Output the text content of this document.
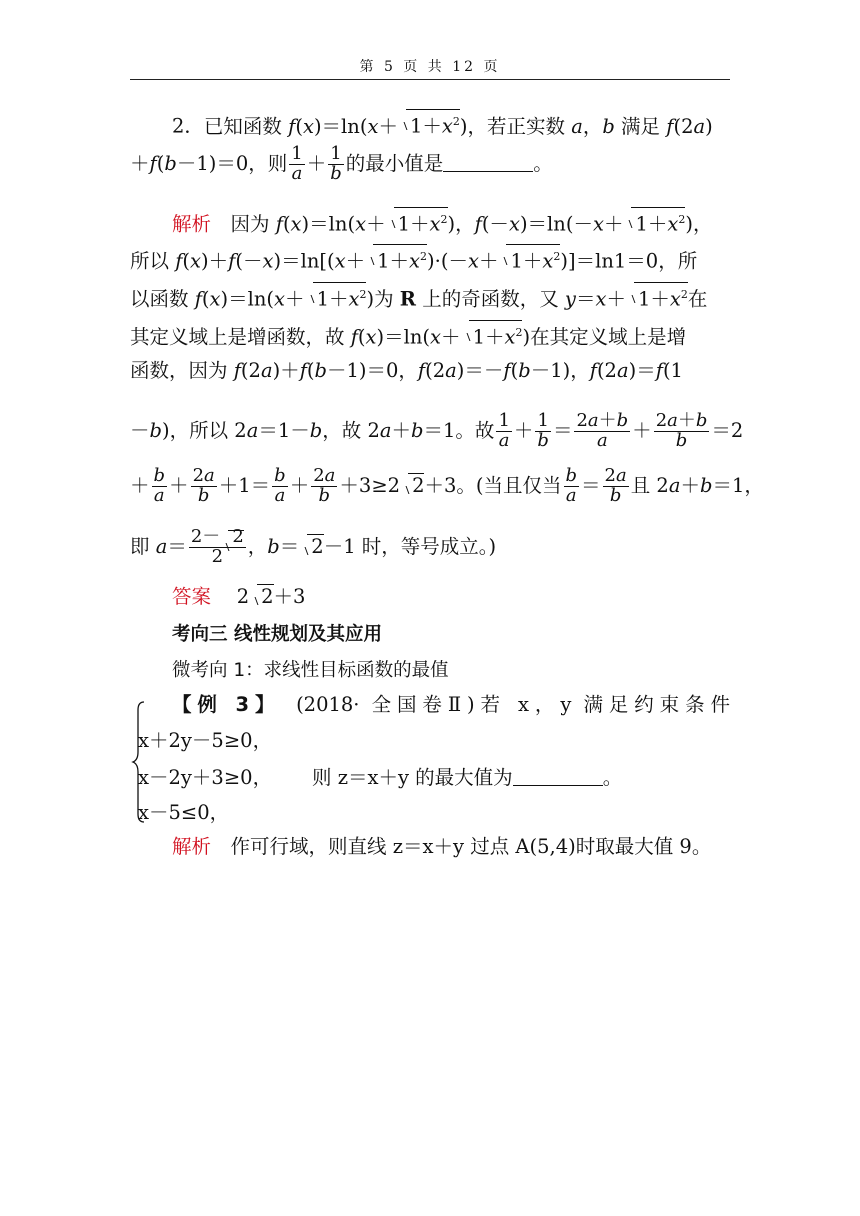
第 5 页 共 12 页
2．已知函数 $f(x)=\ln(x+ 1+x^2)$，若正实数 a，b 满足 f(2a)
＋f(b－1)＝0，则 $\frac{1}{a} + \frac{1}{b}$ 的最小值是	。
解析　因为 $f(x)=\ln(x+ 1+x^2)$，$f(-x)=\ln(-x+ 1+x^2)$，
所以 $f(x)+f(-x)=\ln[(x+ 1+x^2)\cdot(-x+ 1+x^2)]=\ln 1=0$，所
以函数 $f(x)=\ln(x+ 1+x^2)$为 R 上的奇函数，又 $y=x+ 1+x^2$在
其定义域上是增函数，故 $f(x)=\ln(x+ 1+x^2)$在其定义域上是增
函数，因为 f(2a)＋f(b－1)＝0，f(2a)＝－f(b－1)，f(2a)＝f(1
－b)，所以 2a＝1－b，故 2a＋b＝1。故 $\frac{1}{a} + \frac{1}{b} = \frac{2a+b}{a} + \frac{2a+b}{b} =2$
＋ $\frac{b}{a} + \frac{2a}{b} +1= \frac{b}{a} + \frac{2a}{b} +3\ge 2$ 2＋3。(当且仅当 $\frac{b}{a} = \frac{2a}{b}$ 且 2a＋b＝1，
即 $a= \frac{2- 2}{2}$ ，b＝ 2－1 时，等号成立。)
答案　 2 2＋3
考向三 线性规划及其应用
微考向 1：求线性目标函数的最值
【例 3】　 (2018· 全国卷Ⅱ)若 x，y 满足约束条件
x＋2y－5≥0，
x－2y＋3≥0，	则 z＝x＋y 的最大值为	。
x－5≤0，
解析　 作可行域，则直线 z＝x＋y 过点 A(5,4)时取最大值 9。
